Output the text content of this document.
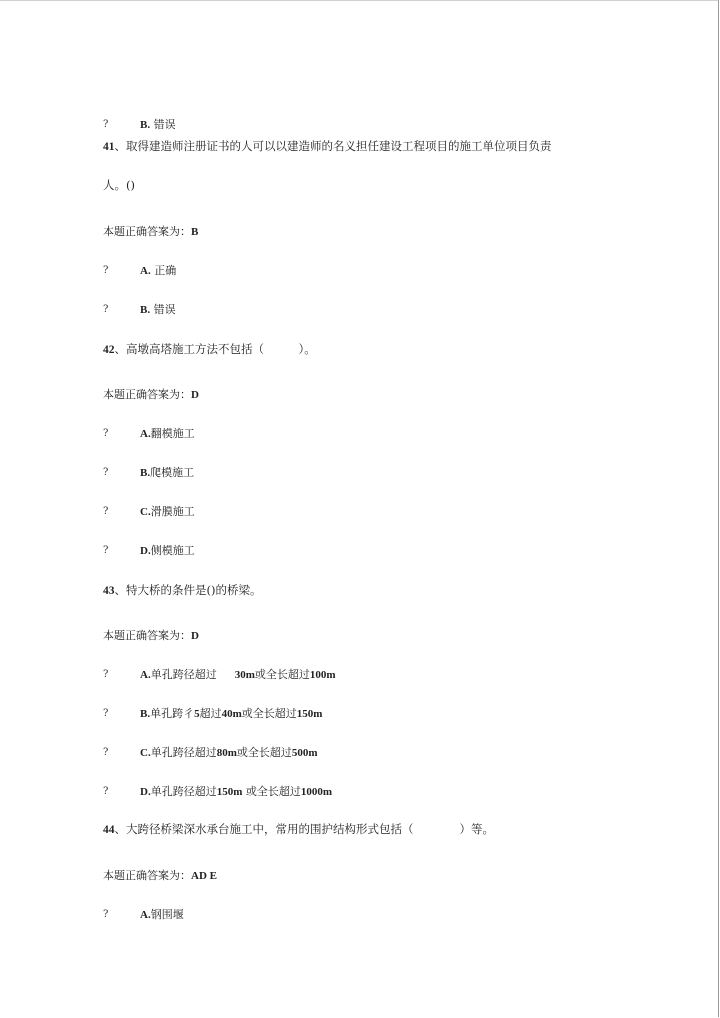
?	B. 错误
41、取得建造师注册证书的人可以以建造师的名义担任建设工程项目的施工单位项目负责
人。()
本题正确答案为：B
?	A. 正确
?	B. 错误
42、高墩高塔施工方法不包括（　　　）。
本题正确答案为：D
?	A.翻模施工
?	B.爬模施工
?	C.滑膜施工
?	D.侧模施工
43、特大桥的条件是()的桥梁。
本题正确答案为：D
?	A.单孔跨径超过 30m或全长超过100m
?	B.单孔跨彳5超过40m或全长超过150m
?	C.单孔跨径超过80m或全长超过500m
?	D.单孔跨径超过150m 或全长超过1000m
44、大跨径桥梁深水承台施工中，常用的围护结构形式包括（　　　　）等。
本题正确答案为：AD E
?	A.钢围堰
